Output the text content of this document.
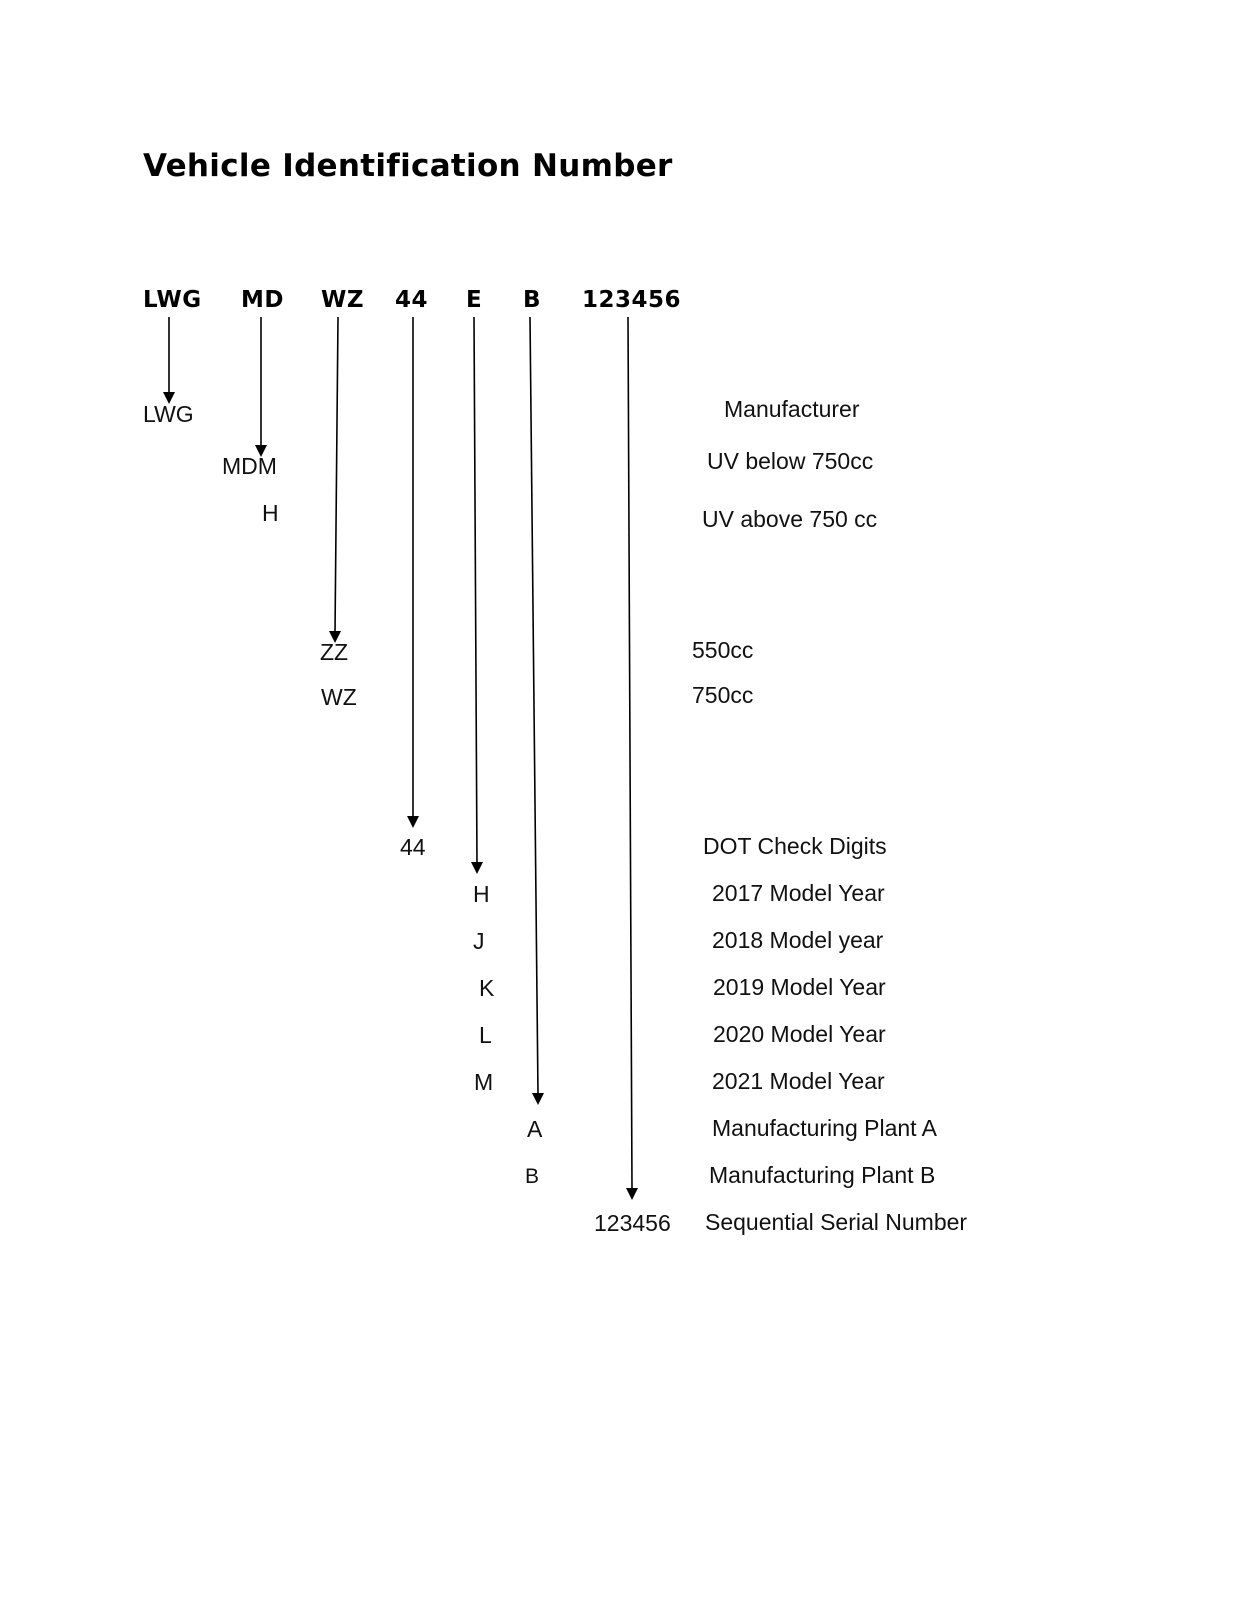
Vehicle Identification Number
LWG MD WZ 44 E B 123456
LWG
MDM
H
ZZ
WZ
44
H
J
K
L
M
A
B
123456
Manufacturer
UV below 750cc
UV above 750 cc
550cc
750cc
DOT Check Digits
2017 Model Year
2018 Model year
2019 Model Year
2020 Model Year
2021 Model Year
Manufacturing Plant A
Manufacturing Plant B
Sequential Serial Number
